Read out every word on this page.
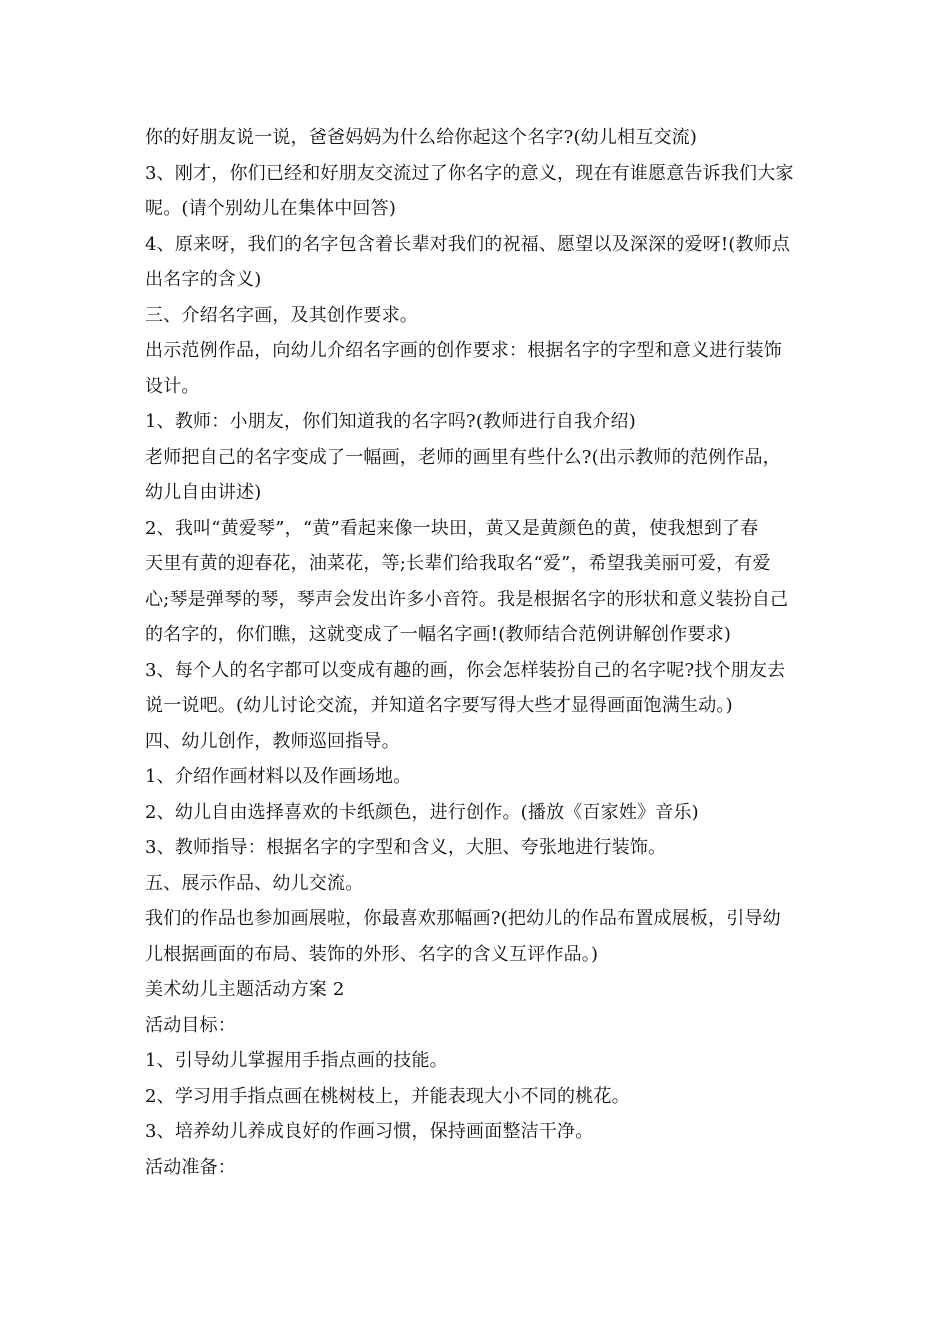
你的好朋友说一说，爸爸妈妈为什么给你起这个名字?(幼儿相互交流)
3、刚才，你们已经和好朋友交流过了你名字的意义，现在有谁愿意告诉我们大家
呢。(请个别幼儿在集体中回答)
4、原来呀，我们的名字包含着长辈对我们的祝福、愿望以及深深的爱呀!(教师点
出名字的含义)
三、介绍名字画，及其创作要求。
出示范例作品，向幼儿介绍名字画的创作要求：根据名字的字型和意义进行装饰
设计。
1、教师：小朋友，你们知道我的名字吗?(教师进行自我介绍)
老师把自己的名字变成了一幅画，老师的画里有些什么?(出示教师的范例作品，
幼儿自由讲述)
2、我叫“黄爱琴”，“黄”看起来像一块田，黄又是黄颜色的黄，使我想到了春
天里有黄的迎春花，油菜花，等;长辈们给我取名“爱”，希望我美丽可爱，有爱
心;琴是弹琴的琴，琴声会发出许多小音符。我是根据名字的形状和意义装扮自己
的名字的，你们瞧，这就变成了一幅名字画!(教师结合范例讲解创作要求)
3、每个人的名字都可以变成有趣的画，你会怎样装扮自己的名字呢?找个朋友去
说一说吧。(幼儿讨论交流，并知道名字要写得大些才显得画面饱满生动。)
四、幼儿创作，教师巡回指导。
1、介绍作画材料以及作画场地。
2、幼儿自由选择喜欢的卡纸颜色，进行创作。(播放《百家姓》音乐)
3、教师指导：根据名字的字型和含义，大胆、夸张地进行装饰。
五、展示作品、幼儿交流。
我们的作品也参加画展啦，你最喜欢那幅画?(把幼儿的作品布置成展板，引导幼
儿根据画面的布局、装饰的外形、名字的含义互评作品。)
美术幼儿主题活动方案 2
活动目标：
1、引导幼儿掌握用手指点画的技能。
2、学习用手指点画在桃树枝上，并能表现大小不同的桃花。
3、培养幼儿养成良好的作画习惯，保持画面整洁干净。
活动准备：
